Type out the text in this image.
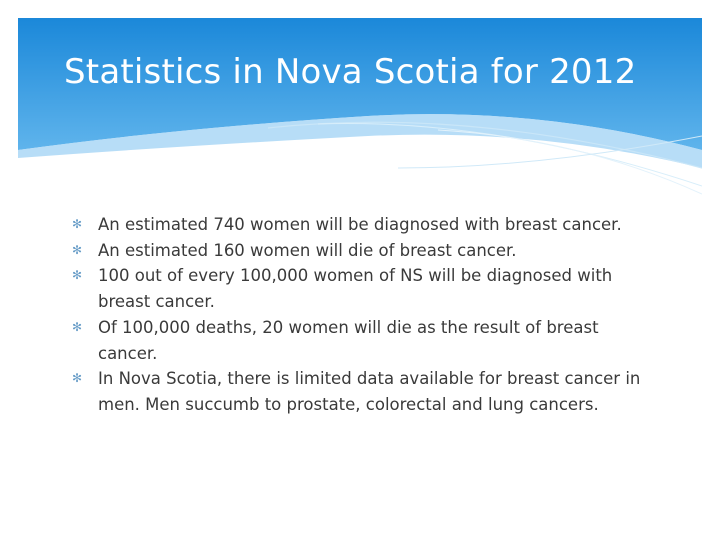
Statistics in Nova Scotia for 2012
✻ An estimated 740 women will be diagnosed with breast cancer.
✻ An estimated 160 women will die of breast cancer.
✻ 100 out of every 100,000 women of NS will be diagnosed with breast cancer.
✻ Of 100,000 deaths, 20 women will die as the result of breast cancer.
✻ In Nova Scotia, there is limited data available for breast cancer in men. Men succumb to prostate, colorectal and lung cancers.
